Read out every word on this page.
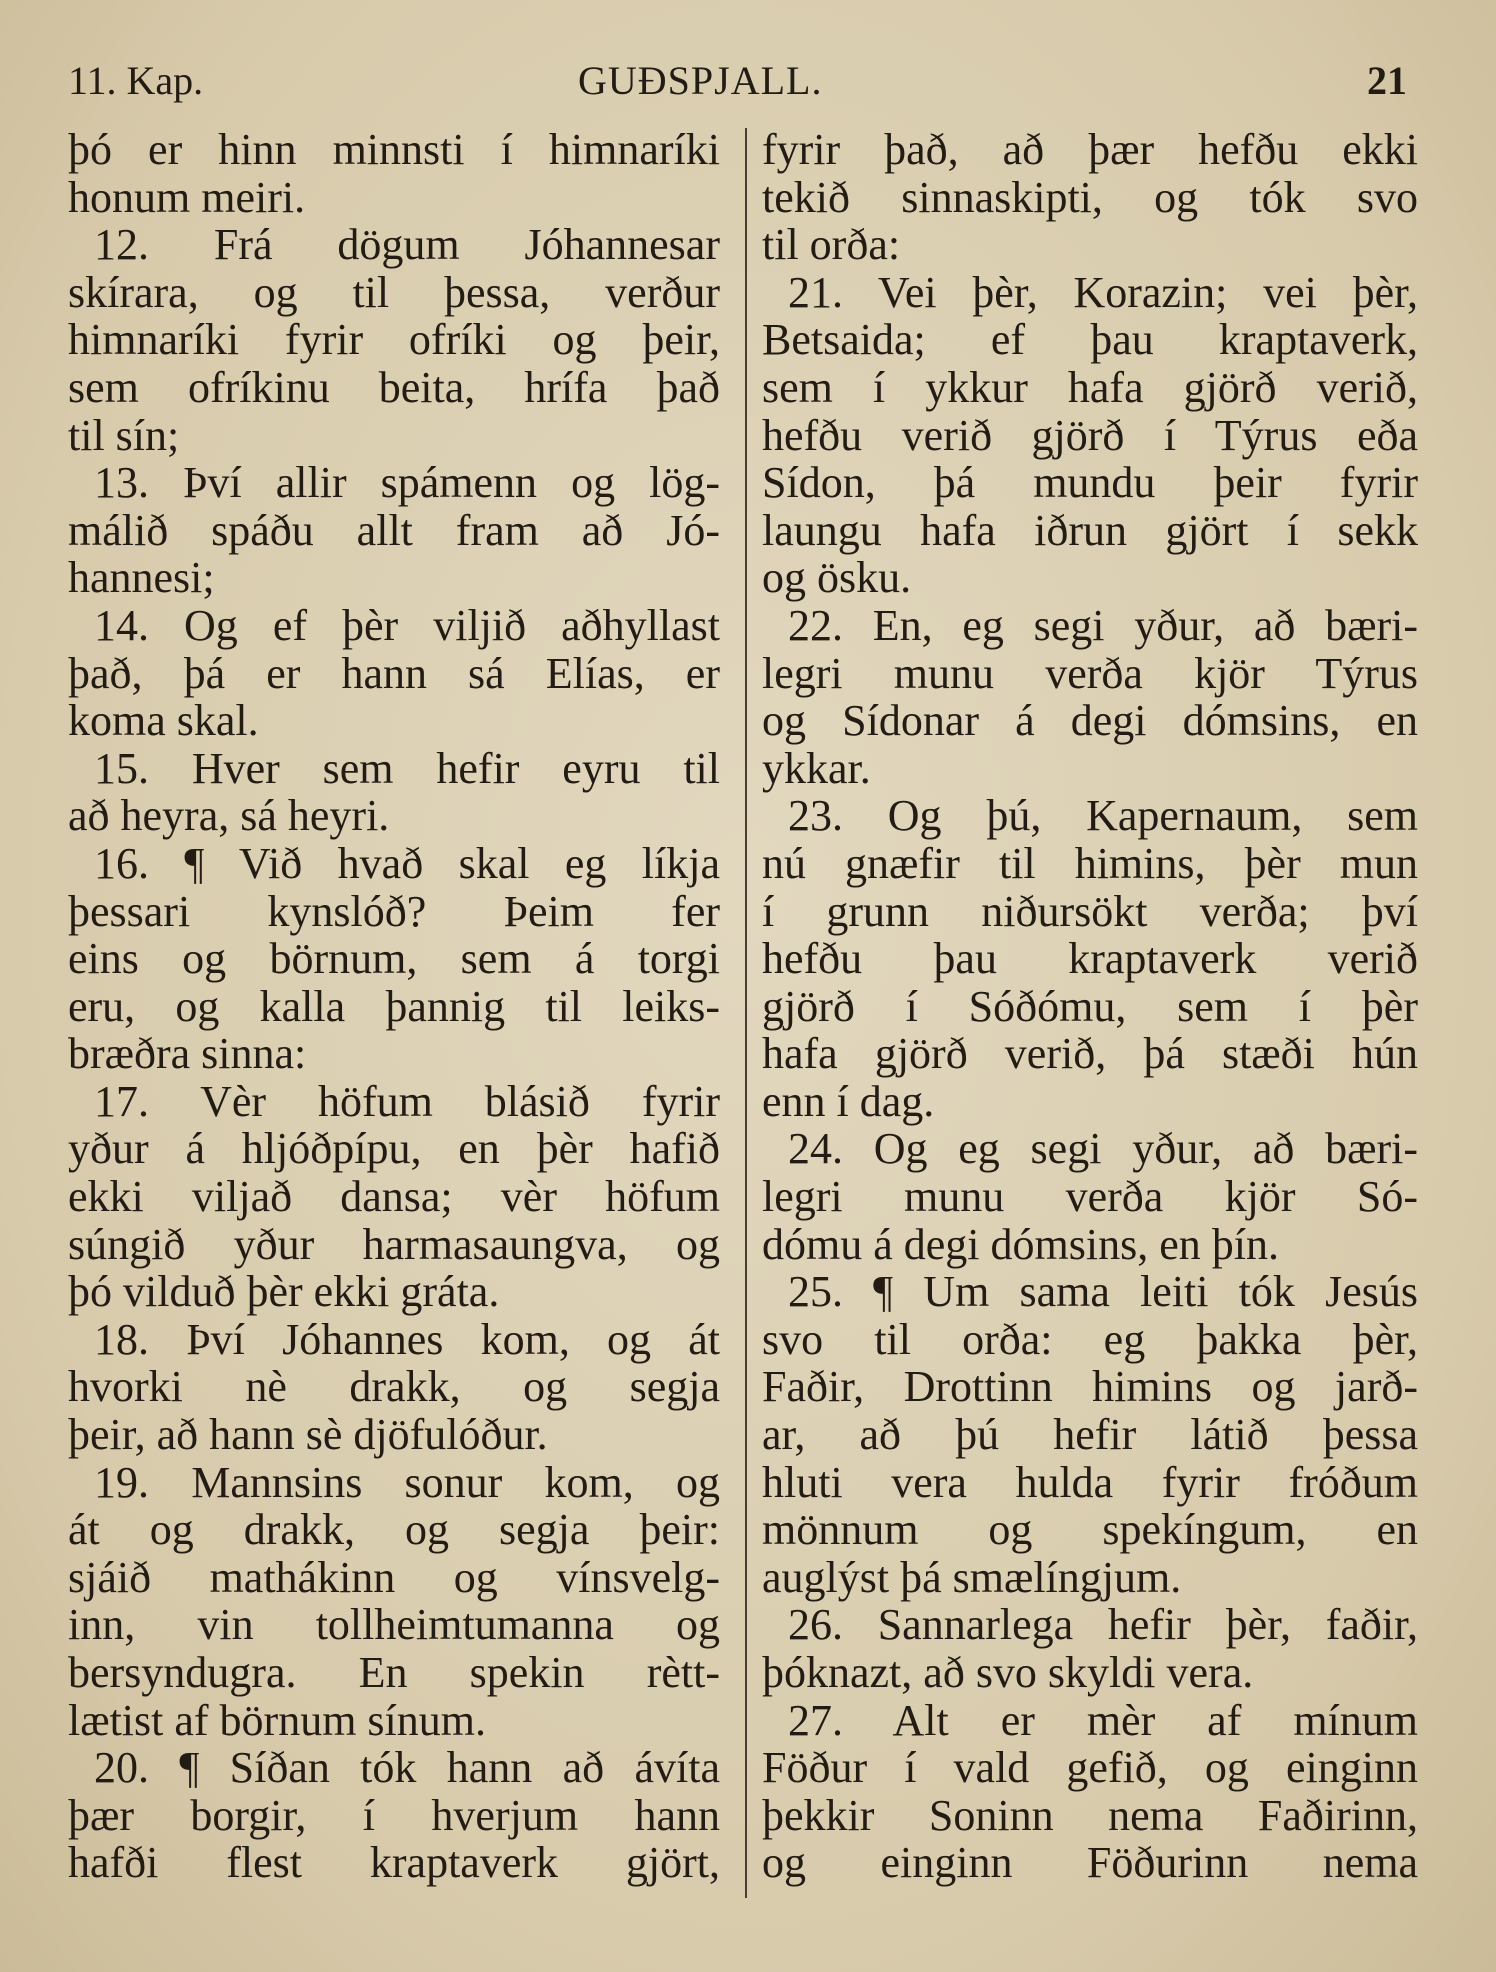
11. Kap.	GUÐSPJALL.	21
þó er hinn minnsti í himnaríki
honum meiri.
12. Frá dögum Jóhannesar
skírara, og til þessa, verður
himnaríki fyrir ofríki og þeir,
sem ofríkinu beita, hrífa það
til sín;
13. Því allir spámenn og lög-
málið spáðu allt fram að Jó-
hannesi;
14. Og ef þèr viljið aðhyllast
það, þá er hann sá Elías, er
koma skal.
15. Hver sem hefir eyru til
að heyra, sá heyri.
16. ¶ Við hvað skal eg líkja
þessari kynslóð? Þeim fer
eins og börnum, sem á torgi
eru, og kalla þannig til leiks-
bræðra sinna:
17. Vèr höfum blásið fyrir
yður á hljóðpípu, en þèr hafið
ekki viljað dansa; vèr höfum
súngið yður harmasaungva, og
þó vilduð þèr ekki gráta.
18. Því Jóhannes kom, og át
hvorki nè drakk, og segja
þeir, að hann sè djöfulóður.
19. Mannsins sonur kom, og
át og drakk, og segja þeir:
sjáið mathákinn og vínsvelg-
inn, vin tollheimtumanna og
bersyndugra. En spekin rètt-
lætist af börnum sínum.
20. ¶ Síðan tók hann að ávíta
þær borgir, í hverjum hann
hafði flest kraptaverk gjört,
fyrir það, að þær hefðu ekki
tekið sinnaskipti, og tók svo
til orða:
21. Vei þèr, Korazin; vei þèr,
Betsaida; ef þau kraptaverk,
sem í ykkur hafa gjörð verið,
hefðu verið gjörð í Týrus eða
Sídon, þá mundu þeir fyrir
laungu hafa iðrun gjört í sekk
og ösku.
22. En, eg segi yður, að bæri-
legri munu verða kjör Týrus
og Sídonar á degi dómsins, en
ykkar.
23. Og þú, Kapernaum, sem
nú gnæfir til himins, þèr mun
í grunn niðursökt verða; því
hefðu þau kraptaverk verið
gjörð í Sóðómu, sem í þèr
hafa gjörð verið, þá stæði hún
enn í dag.
24. Og eg segi yður, að bæri-
legri munu verða kjör Só-
dómu á degi dómsins, en þín.
25. ¶ Um sama leiti tók Jesús
svo til orða: eg þakka þèr,
Faðir, Drottinn himins og jarð-
ar, að þú hefir látið þessa
hluti vera hulda fyrir fróðum
mönnum og spekíngum, en
auglýst þá smælíngjum.
26. Sannarlega hefir þèr, faðir,
þóknazt, að svo skyldi vera.
27. Alt er mèr af mínum
Föður í vald gefið, og einginn
þekkir Soninn nema Faðirinn,
og einginn Föðurinn nema
